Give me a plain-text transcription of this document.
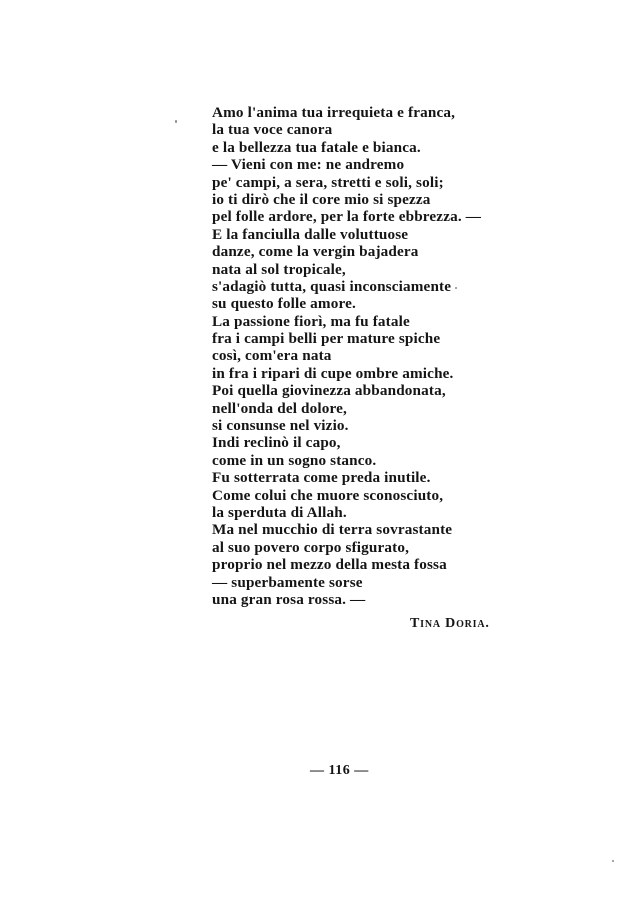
Amo l'anima tua irrequieta e franca,
la tua voce canora
e la bellezza tua fatale e bianca.
— Vieni con me: ne andremo
pe' campi, a sera, stretti e soli, soli;
io ti dirò che il core mio si spezza
pel folle ardore, per la forte ebbrezza. —
E la fanciulla dalle voluttuose
danze, come la vergin bajadera
nata al sol tropicale,
s'adagiò tutta, quasi inconsciamente
su questo folle amore.
La passione fiorì, ma fu fatale
fra i campi belli per mature spiche
così, com'era nata
in fra i ripari di cupe ombre amiche.
Poi quella giovinezza abbandonata,
nell'onda del dolore,
si consunse nel vizio.
Indi reclinò il capo,
come in un sogno stanco.
Fu sotterrata come preda inutile.
Come colui che muore sconosciuto,
la sperduta di Allah.
Ma nel mucchio di terra sovrastante
al suo povero corpo sfigurato,
proprio nel mezzo della mesta fossa
— superbamente sorse
una gran rosa rossa. —
Tina Doria.
— 116 —
